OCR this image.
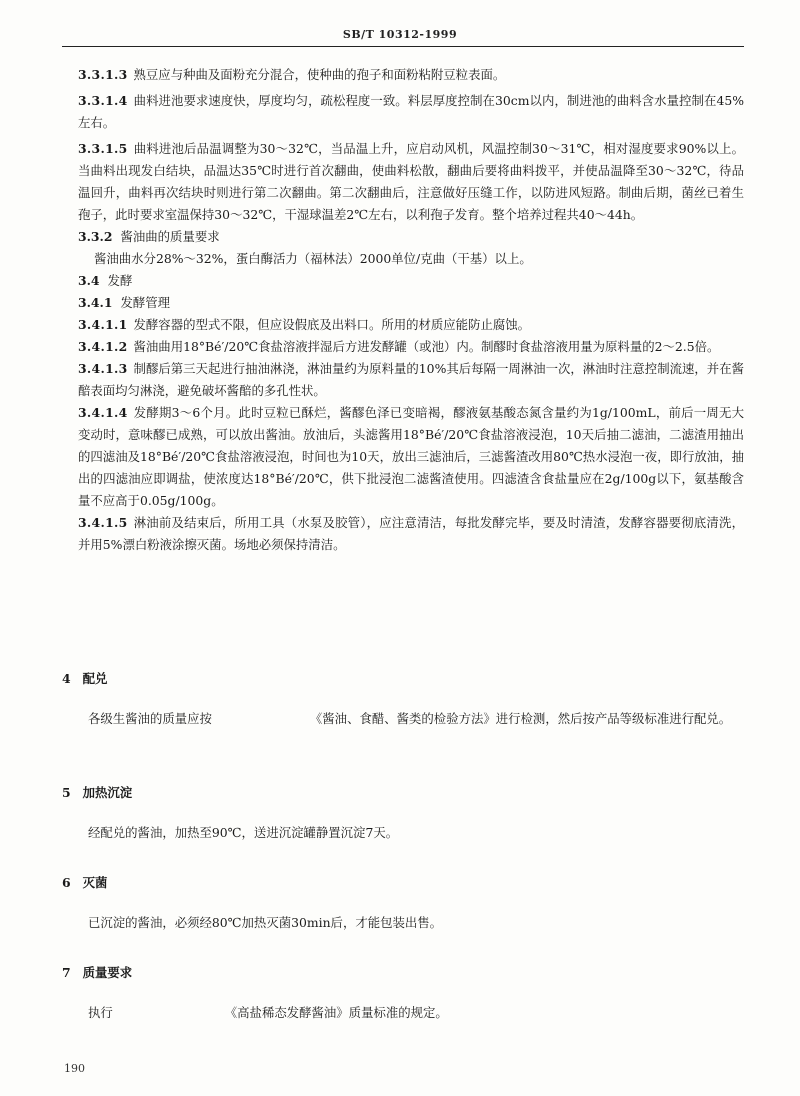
SB/T 10312-1999

3.3.1.3 熟豆应与种曲及面粉充分混合，使种曲的孢子和面粉粘附豆粒表面。

3.3.1.4 曲料进池要求速度快，厚度均匀，疏松程度一致。料层厚度控制在30cm以内，制进池的曲料含水量控制在45%左右。

3.3.1.5 曲料进池后品温调整为30～32℃，当品温上升，应启动风机，风温控制30～31℃，相对湿度要求90%以上。当曲料出现发白结块，品温达35℃时进行首次翻曲，使曲料松散，翻曲后要将曲料拨平，并使品温降至30～32℃，待品温回升，曲料再次结块时则进行第二次翻曲。第二次翻曲后，注意做好压缝工作，以防进风短路。制曲后期，菌丝已着生孢子，此时要求室温保持30～32℃，干湿球温差2℃左右，以利孢子发育。整个培养过程共40～44h。

3.3.2 酱油曲的质量要求

酱油曲水分28%～32%，蛋白酶活力（福林法）2000单位/克曲（干基）以上。

3.4 发酵

3.4.1 发酵管理

3.4.1.1 发酵容器的型式不限，但应设假底及出料口。所用的材质应能防止腐蚀。

3.4.1.2 酱油曲用18°Bé′/20℃食盐溶液拌湿后方进发酵罐（或池）内。制醪时食盐溶液用量为原料量的2～2.5倍。

3.4.1.3 制醪后第三天起进行抽油淋浇，淋油量约为原料量的10%其后每隔一周淋油一次，淋油时注意控制流速，并在酱醅表面均匀淋浇，避免破坏酱醅的多孔性状。

3.4.1.4 发酵期3～6个月。此时豆粒已酥烂，酱醪色泽已变暗褐，醪液氨基酸态氮含量约为1g/100mL，前后一周无大变动时，意味醪已成熟，可以放出酱油。放油后，头滤酱用18°Bé′/20℃食盐溶液浸泡，10天后抽二滤油，二滤渣用抽出的四滤油及18°Bé′/20℃食盐溶液浸泡，时间也为10天，放出三滤油后，三滤酱渣改用80℃热水浸泡一夜，即行放油，抽出的四滤油应即调盐，使浓度达18°Bé′/20℃，供下批浸泡二滤酱渣使用。四滤渣含食盐量应在2g/100g以下，氨基酸含量不应高于0.05g/100g。

3.4.1.5 淋油前及结束后，所用工具（水泵及胶管），应注意清洁，每批发酵完毕，要及时清渣，发酵容器要彻底清洗，并用5%漂白粉液涂擦灭菌。场地必须保持清洁。

4 配兑

各级生酱油的质量应按	《酱油、食醋、酱类的检验方法》进行检测，然后按产品等级标准进行配兑。

5 加热沉淀

经配兑的酱油，加热至90℃，送进沉淀罐静置沉淀7天。

6 灭菌

已沉淀的酱油，必须经80℃加热灭菌30min后，才能包装出售。

7 质量要求

执行	《高盐稀态发酵酱油》质量标准的规定。

190
